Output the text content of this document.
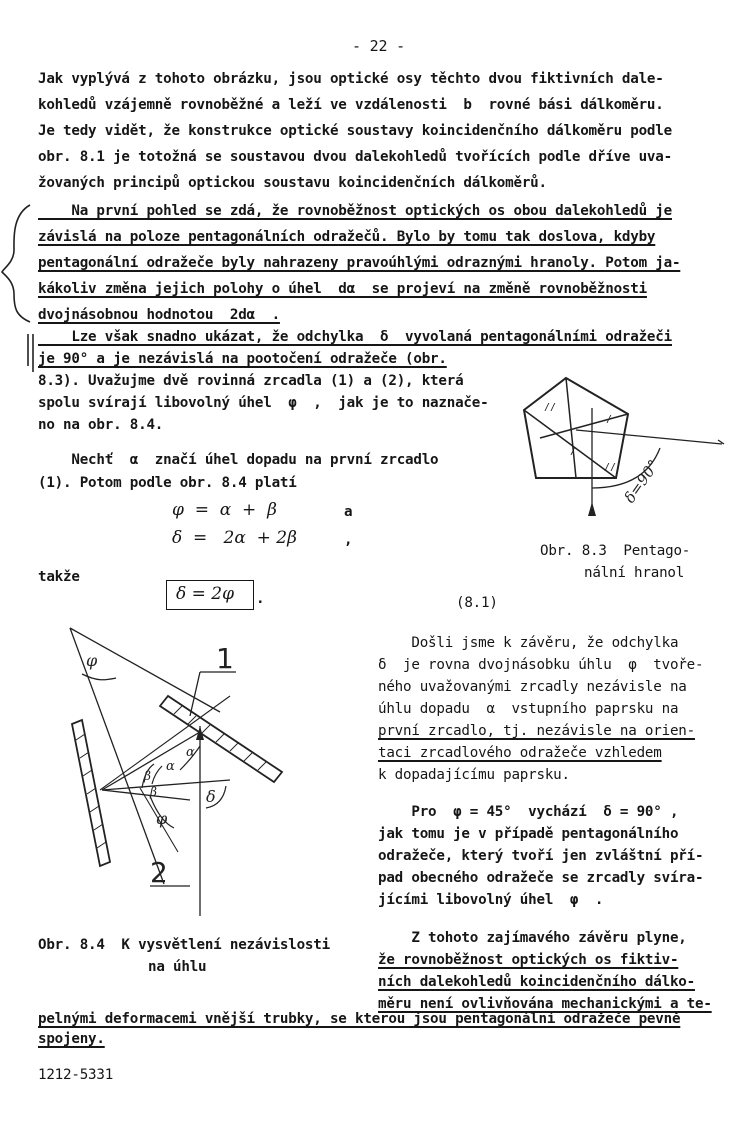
- 22 -
Jak vyplývá z tohoto obrázku, jsou optické osy těchto dvou fiktivních dale-
kohledů vzájemně rovnoběžné a leží ve vzdálenosti  b  rovné bási dálkoměru.
Je tedy vidět, že konstrukce optické soustavy koincidenčního dálkoměru podle
obr. 8.1 je totožná se soustavou dvou dalekohledů tvořících podle dříve uva-
žovaných principů optickou soustavu koincidenčních dálkoměrů.
Na první pohled se zdá, že rovnoběžnost optických os obou dalekohledů je
závislá na poloze pentagonálních odražečů. Bylo by tomu tak doslova, kdyby
pentagonální odražeče byly nahrazeny pravoúhlými odraznými hranoly. Potom ja-
kákoliv změna jejich polohy o úhel  dα  se projeví na změně rovnoběžnosti
dvojnásobnou hodnotou  2dα  .
Lze však snadno ukázat, že odchylka  δ  vyvolaná pentagonálními odražeči
je 90° a je nezávislá na pootočení odražeče (obr.
8.3). Uvažujme dvě rovinná zrcadla (1) a (2), která
spolu svírají libovolný úhel  φ  ,  jak je to naznače-
no na obr. 8.4.
Nechť  α  značí úhel dopadu na první zrcadlo
(1). Potom podle obr. 8.4 platí
φ  =  α  +  β	a
δ  =   2α  + 2β	,
takže
δ = 2φ .	(8.1)
//
/
/
// δ=90°
Obr. 8.3  Pentago-
nální hranol
1
2
φ
β
β
α
α
φ
δ
Obr. 8.4  K vysvětlení nezávislosti
na úhlu
Došli jsme k závěru, že odchylka
δ  je rovna dvojnásobku úhlu  φ  tvoře-
ného uvažovanými zrcadly nezávisle na
úhlu dopadu  α  vstupního paprsku na
první zrcadlo, tj. nezávisle na orien-
taci zrcadlového odražeče vzhledem
k dopadajícímu paprsku.
Pro  φ = 45°  vychází  δ = 90° ,
jak tomu je v případě pentagonálního
odražeče, který tvoří jen zvláštní pří-
pad obecného odražeče se zrcadly svíra-
jícími libovolný úhel  φ  .
Z tohoto zajímavého závěru plyne,
že rovnoběžnost optických os fiktiv-
ních dalekohledů koincidenčního dálko-
měru není ovlivňována mechanickými a te-
pelnými deformacemi vnější trubky, se kterou jsou pentagonální odražeče pevně
spojeny.
1212-5331
